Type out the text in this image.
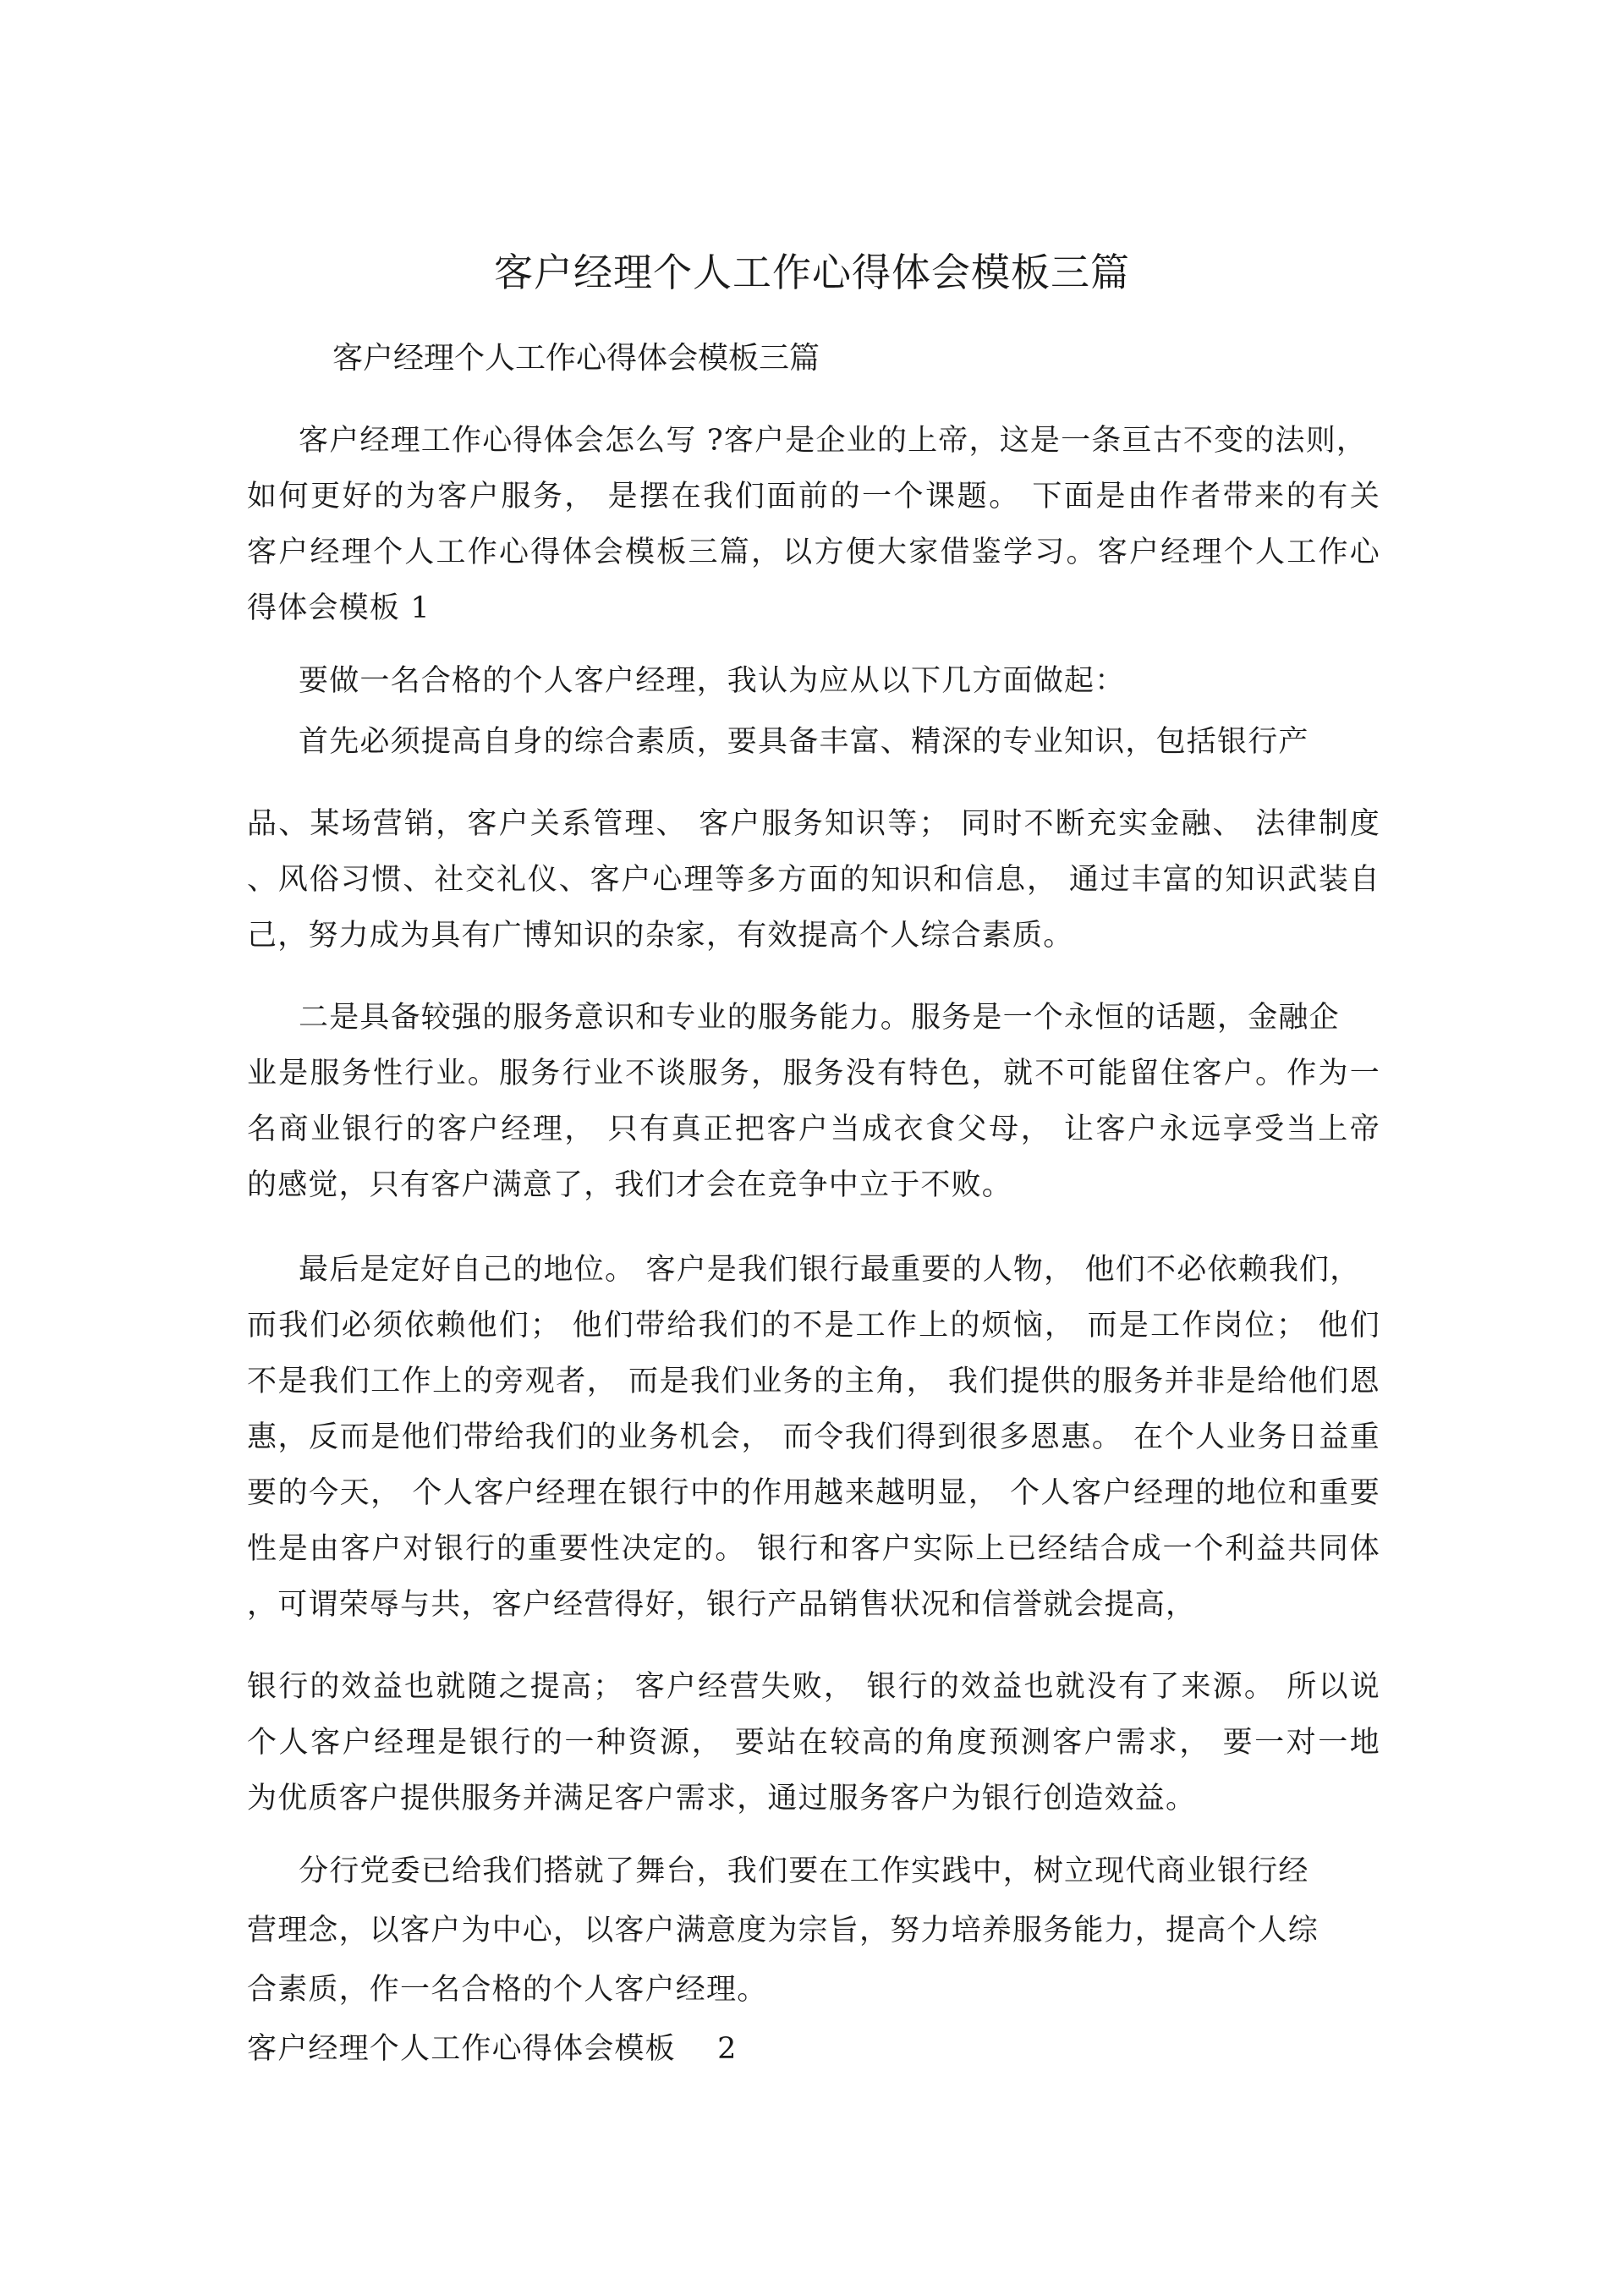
客户经理个人工作心得体会模板三篇
客户经理个人工作心得体会模板三篇
客户经理工作心得体会怎么写 ?客户是企业的上帝，这是一条亘古不变的法则，
如何更好的为客户服务， 是摆在我们面前的一个课题。 下面是由作者带来的有关
客户经理个人工作心得体会模板三篇，以方便大家借鉴学习。客户经理个人工作心
得体会模板 1
要做一名合格的个人客户经理，我认为应从以下几方面做起：
首先必须提高自身的综合素质，要具备丰富、精深的专业知识，包括银行产
品、某场营销，客户关系管理、 客户服务知识等； 同时不断充实金融、 法律制度
、风俗习惯、社交礼仪、客户心理等多方面的知识和信息， 通过丰富的知识武装自
己，努力成为具有广博知识的杂家，有效提高个人综合素质。
二是具备较强的服务意识和专业的服务能力。服务是一个永恒的话题，金融企
业是服务性行业。服务行业不谈服务，服务没有特色，就不可能留住客户。作为一
名商业银行的客户经理， 只有真正把客户当成衣食父母， 让客户永远享受当上帝
的感觉，只有客户满意了，我们才会在竞争中立于不败。
最后是定好自己的地位。 客户是我们银行最重要的人物， 他们不必依赖我们，
而我们必须依赖他们； 他们带给我们的不是工作上的烦恼， 而是工作岗位； 他们
不是我们工作上的旁观者， 而是我们业务的主角， 我们提供的服务并非是给他们恩
惠，反而是他们带给我们的业务机会， 而令我们得到很多恩惠。 在个人业务日益重
要的今天， 个人客户经理在银行中的作用越来越明显， 个人客户经理的地位和重要
性是由客户对银行的重要性决定的。 银行和客户实际上已经结合成一个利益共同体
，可谓荣辱与共，客户经营得好，银行产品销售状况和信誉就会提高，
银行的效益也就随之提高； 客户经营失败， 银行的效益也就没有了来源。 所以说
个人客户经理是银行的一种资源， 要站在较高的角度预测客户需求， 要一对一地
为优质客户提供服务并满足客户需求，通过服务客户为银行创造效益。
分行党委已给我们搭就了舞台，我们要在工作实践中，树立现代商业银行经
营理念，以客户为中心，以客户满意度为宗旨，努力培养服务能力，提高个人综
合素质，作一名合格的个人客户经理。
客户经理个人工作心得体会模板    2
